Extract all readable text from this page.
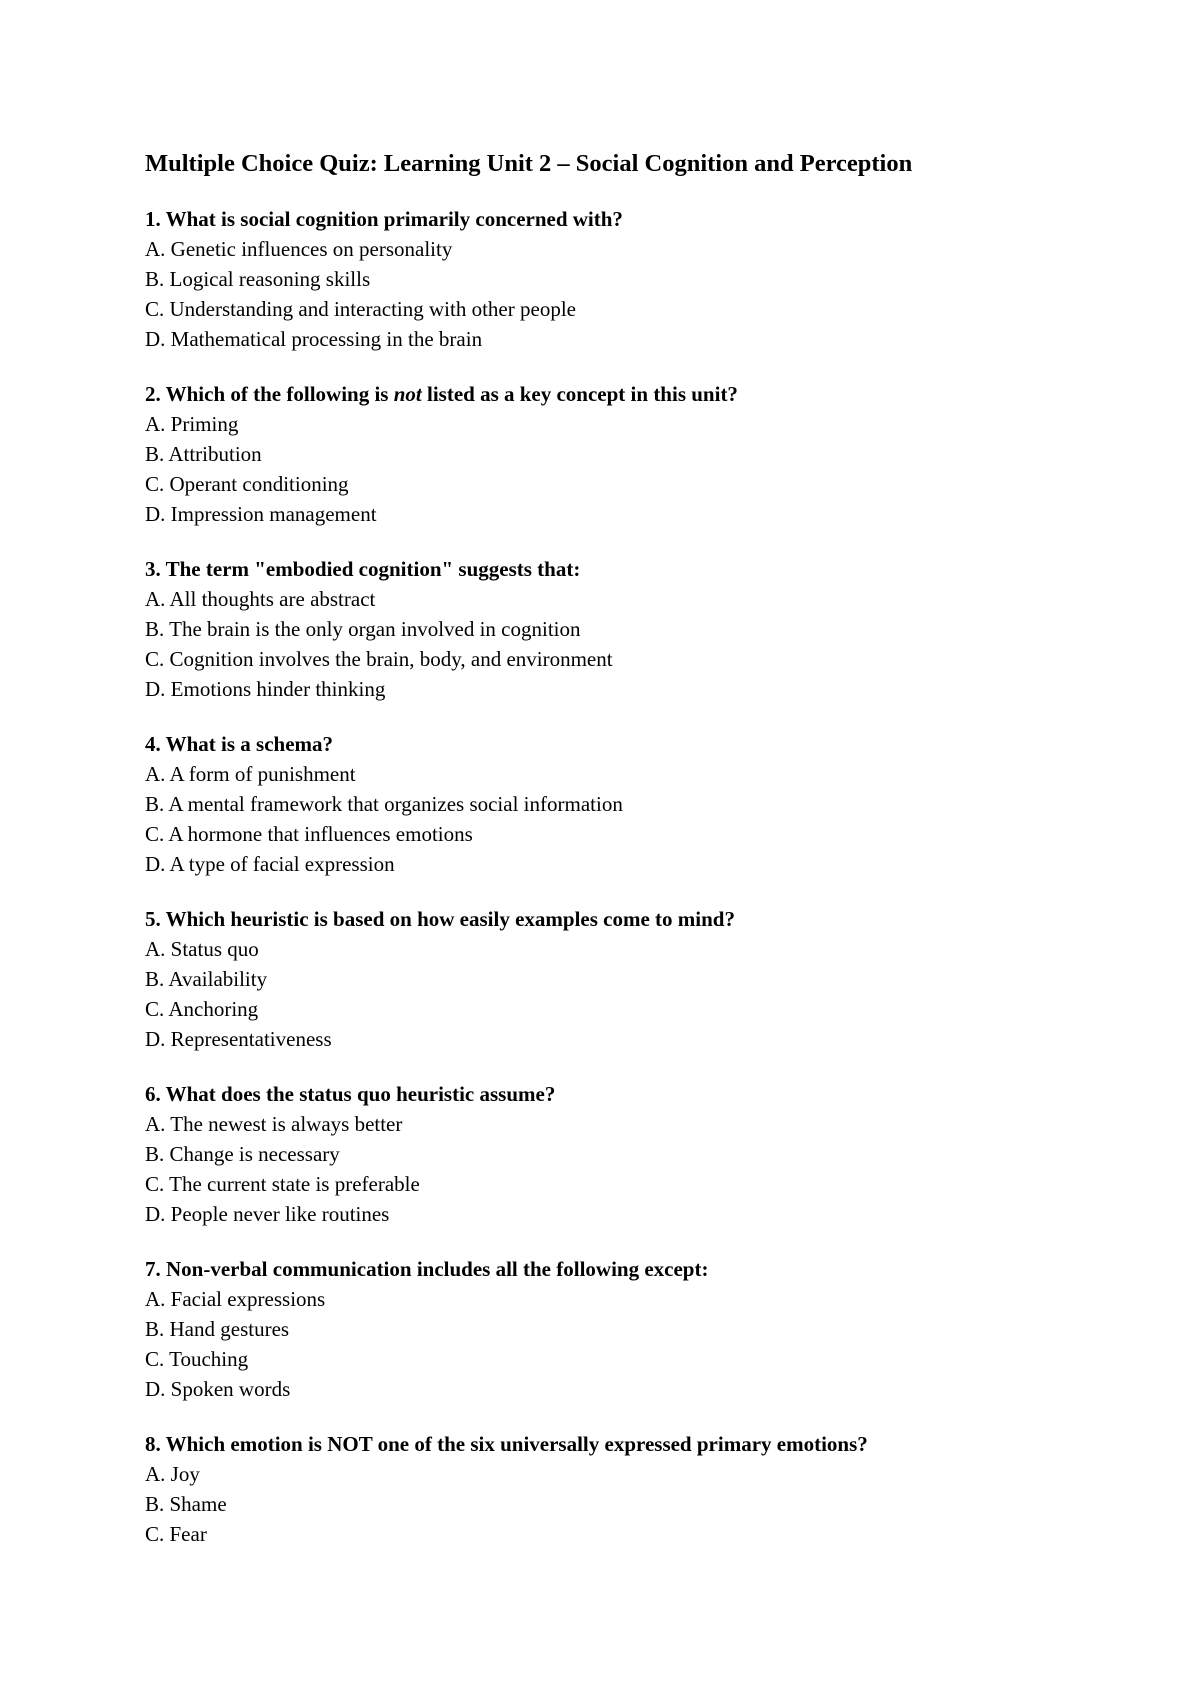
Multiple Choice Quiz: Learning Unit 2 – Social Cognition and Perception
1. What is social cognition primarily concerned with?
A. Genetic influences on personality
B. Logical reasoning skills
C. Understanding and interacting with other people
D. Mathematical processing in the brain
2. Which of the following is not listed as a key concept in this unit?
A. Priming
B. Attribution
C. Operant conditioning
D. Impression management
3. The term "embodied cognition" suggests that:
A. All thoughts are abstract
B. The brain is the only organ involved in cognition
C. Cognition involves the brain, body, and environment
D. Emotions hinder thinking
4. What is a schema?
A. A form of punishment
B. A mental framework that organizes social information
C. A hormone that influences emotions
D. A type of facial expression
5. Which heuristic is based on how easily examples come to mind?
A. Status quo
B. Availability
C. Anchoring
D. Representativeness
6. What does the status quo heuristic assume?
A. The newest is always better
B. Change is necessary
C. The current state is preferable
D. People never like routines
7. Non-verbal communication includes all the following except:
A. Facial expressions
B. Hand gestures
C. Touching
D. Spoken words
8. Which emotion is NOT one of the six universally expressed primary emotions?
A. Joy
B. Shame
C. Fear
